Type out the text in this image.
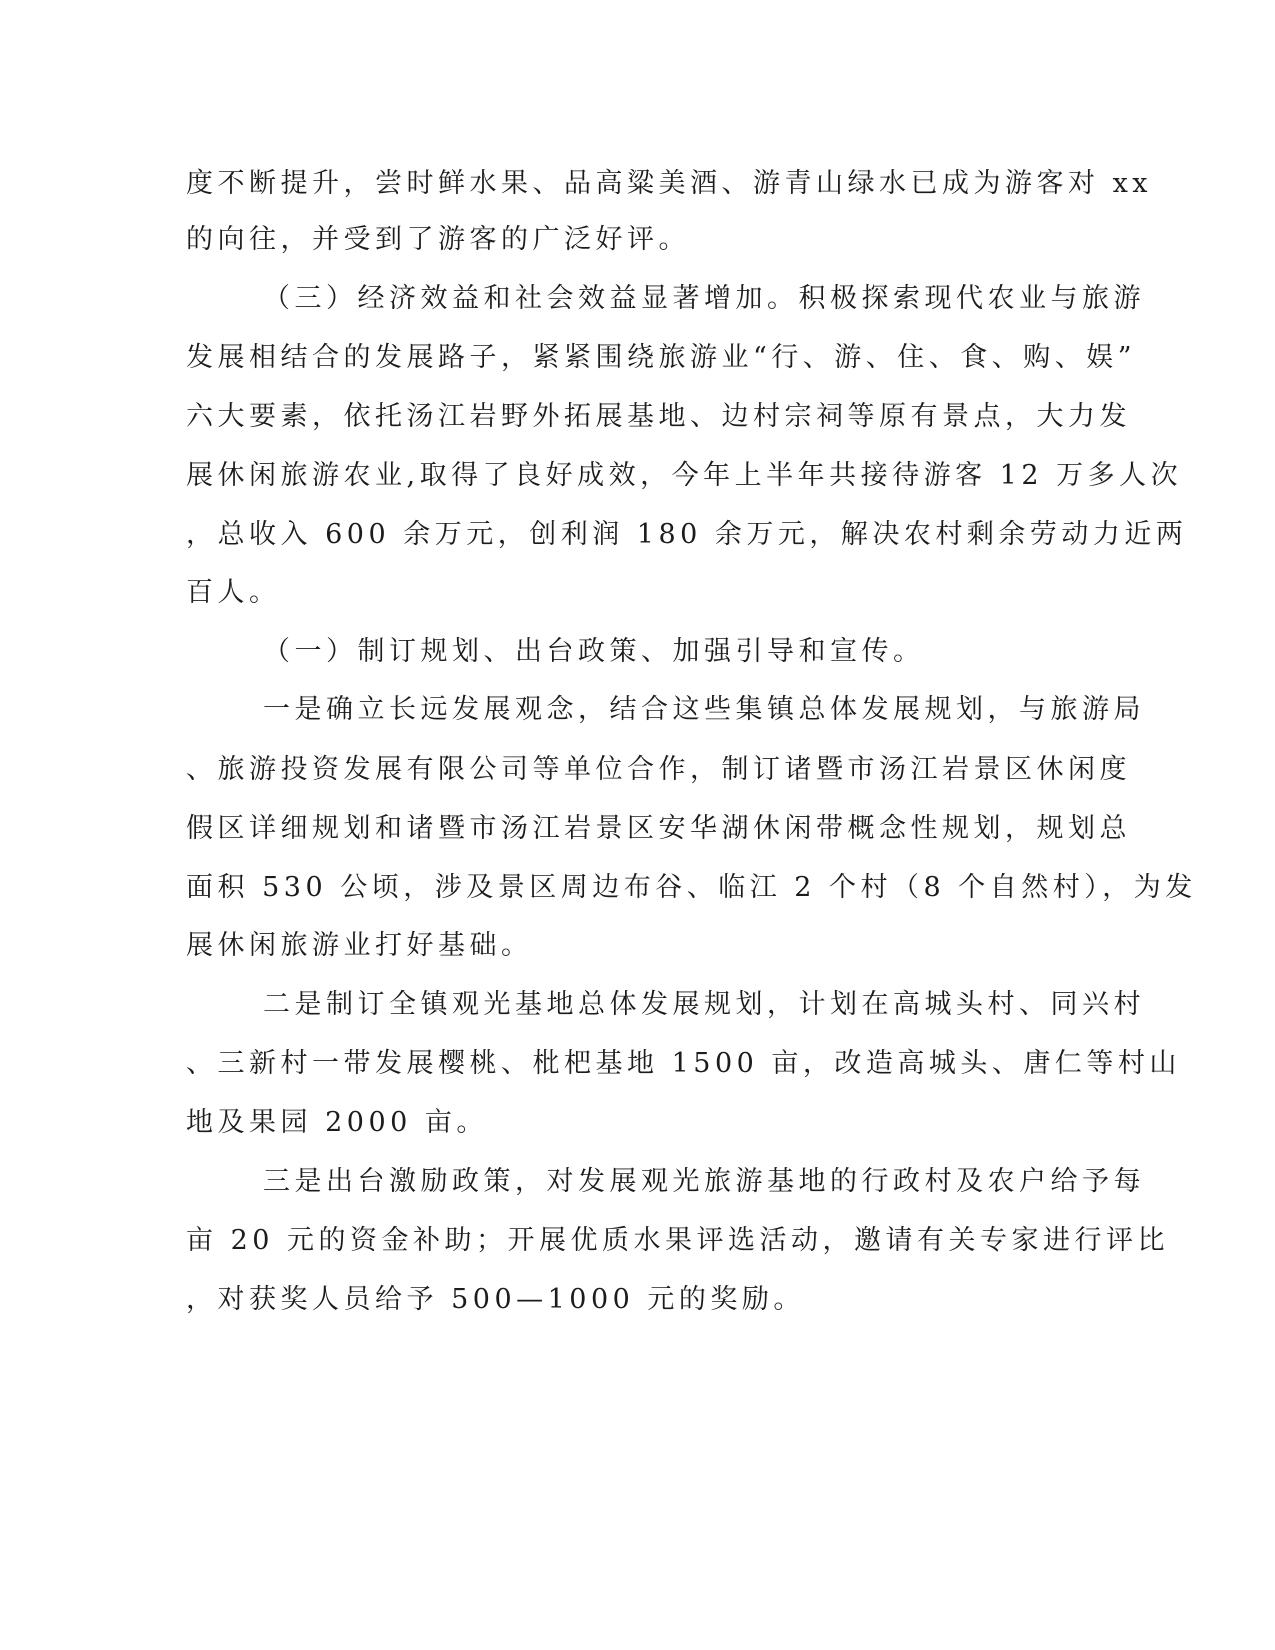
度不断提升，尝时鲜水果、品高粱美酒、游青山绿水已成为游客对 xx

的向往，并受到了游客的广泛好评。

（三）经济效益和社会效益显著增加。积极探索现代农业与旅游

发展相结合的发展路子，紧紧围绕旅游业“行、游、住、食、购、娱”

六大要素，依托汤江岩野外拓展基地、边村宗祠等原有景点，大力发

展休闲旅游农业,取得了良好成效，今年上半年共接待游客 12 万多人次

，总收入 600 余万元，创利润 180 余万元，解决农村剩余劳动力近两

百人。

（一）制订规划、出台政策、加强引导和宣传。

一是确立长远发展观念，结合这些集镇总体发展规划，与旅游局

、旅游投资发展有限公司等单位合作，制订诸暨市汤江岩景区休闲度

假区详细规划和诸暨市汤江岩景区安华湖休闲带概念性规划，规划总

面积 530 公顷，涉及景区周边布谷、临江 2 个村（8 个自然村），为发

展休闲旅游业打好基础。

二是制订全镇观光基地总体发展规划，计划在高城头村、同兴村

、三新村一带发展樱桃、枇杷基地 1500 亩，改造高城头、唐仁等村山

地及果园 2000 亩。

三是出台激励政策，对发展观光旅游基地的行政村及农户给予每

亩 20 元的资金补助；开展优质水果评选活动，邀请有关专家进行评比

，对获奖人员给予 500—1000 元的奖励。
